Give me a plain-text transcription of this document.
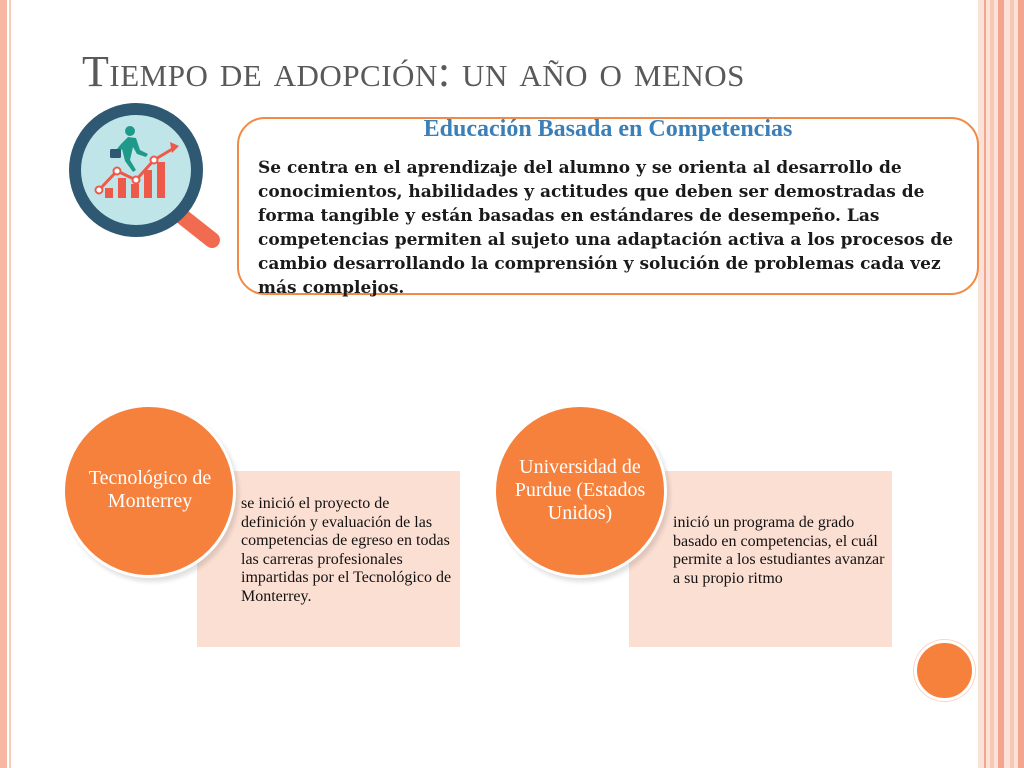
Tiempo de adopción: un año o menos

Educación Basada en Competencias

Se centra en el aprendizaje del alumno y se orienta al desarrollo de conocimientos, habilidades y actitudes que deben ser demostradas de forma tangible y están basadas en estándares de desempeño. Las competencias permiten al sujeto una adaptación activa a los procesos de cambio desarrollando la comprensión y solución de problemas cada vez más complejos.

Tecnológico de Monterrey
Universidad de Purdue (Estados Unidos)
se inició el proyecto de definición y evaluación de las competencias de egreso en todas las carreras profesionales impartidas por el Tecnológico de Monterrey.
inició un programa de grado basado en competencias, el cuál permite a los estudiantes avanzar a su propio ritmo
